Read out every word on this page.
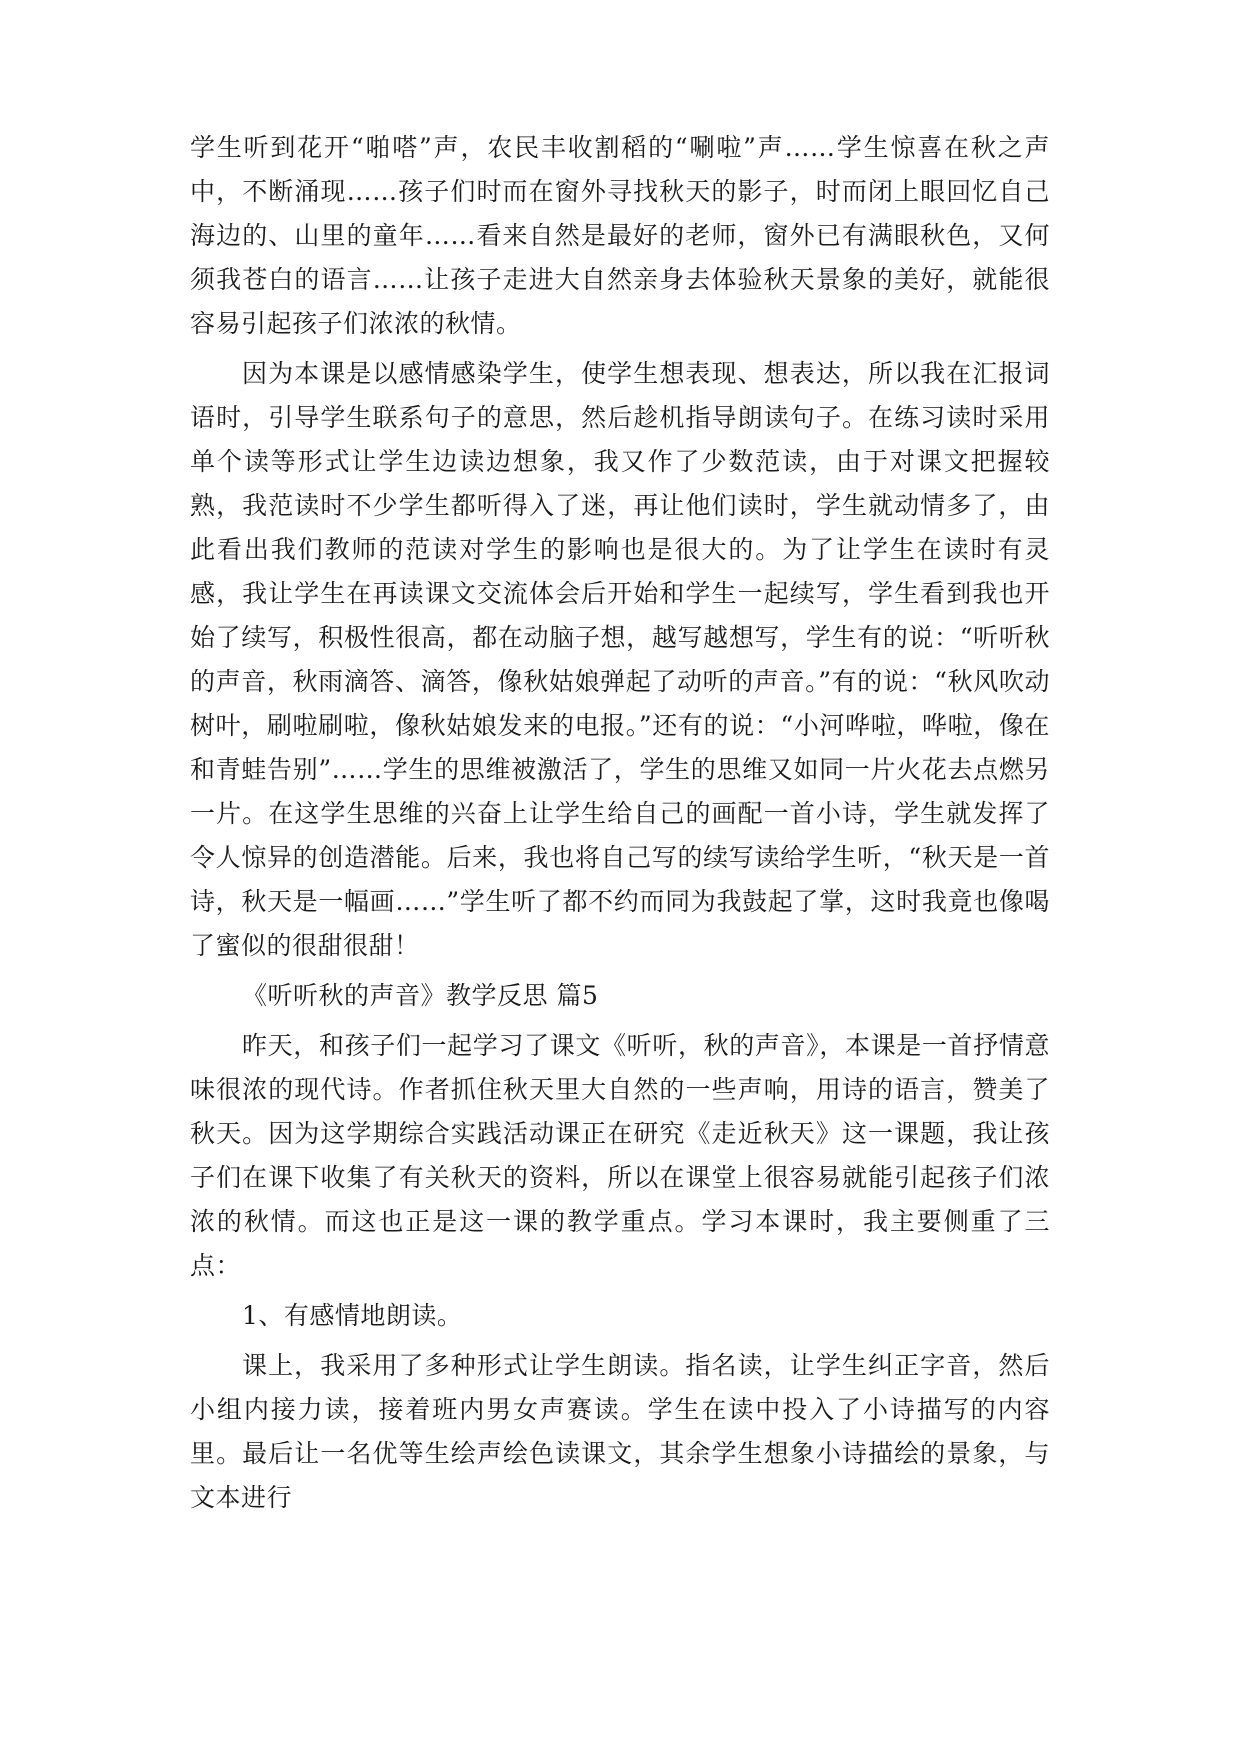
学生听到花开“啪嗒”声，农民丰收割稻的“唰啦”声……学生惊喜在秋之声中，不断涌现……孩子们时而在窗外寻找秋天的影子，时而闭上眼回忆自己海边的、山里的童年……看来自然是最好的老师，窗外已有满眼秋色，又何须我苍白的语言……让孩子走进大自然亲身去体验秋天景象的美好，就能很容易引起孩子们浓浓的秋情。

因为本课是以感情感染学生，使学生想表现、想表达，所以我在汇报词语时，引导学生联系句子的意思，然后趁机指导朗读句子。在练习读时采用单个读等形式让学生边读边想象，我又作了少数范读，由于对课文把握较熟，我范读时不少学生都听得入了迷，再让他们读时，学生就动情多了，由此看出我们教师的范读对学生的影响也是很大的。为了让学生在读时有灵感，我让学生在再读课文交流体会后开始和学生一起续写，学生看到我也开始了续写，积极性很高，都在动脑子想，越写越想写，学生有的说：“听听秋的声音，秋雨滴答、滴答，像秋姑娘弹起了动听的声音。”有的说：“秋风吹动树叶，刷啦刷啦，像秋姑娘发来的电报。”还有的说：“小河哗啦，哗啦，像在和青蛙告别”……学生的思维被激活了，学生的思维又如同一片火花去点燃另一片。在这学生思维的兴奋上让学生给自己的画配一首小诗，学生就发挥了令人惊异的创造潜能。后来，我也将自己写的续写读给学生听，“秋天是一首诗，秋天是一幅画……”学生听了都不约而同为我鼓起了掌，这时我竟也像喝了蜜似的很甜很甜！

《听听秋的声音》教学反思 篇5

昨天，和孩子们一起学习了课文《听听，秋的声音》，本课是一首抒情意味很浓的现代诗。作者抓住秋天里大自然的一些声响，用诗的语言，赞美了秋天。因为这学期综合实践活动课正在研究《走近秋天》这一课题，我让孩子们在课下收集了有关秋天的资料，所以在课堂上很容易就能引起孩子们浓浓的秋情。而这也正是这一课的教学重点。学习本课时，我主要侧重了三点：

1、有感情地朗读。

课上，我采用了多种形式让学生朗读。指名读，让学生纠正字音，然后小组内接力读，接着班内男女声赛读。学生在读中投入了小诗描写的内容里。最后让一名优等生绘声绘色读课文，其余学生想象小诗描绘的景象，与文本进行
